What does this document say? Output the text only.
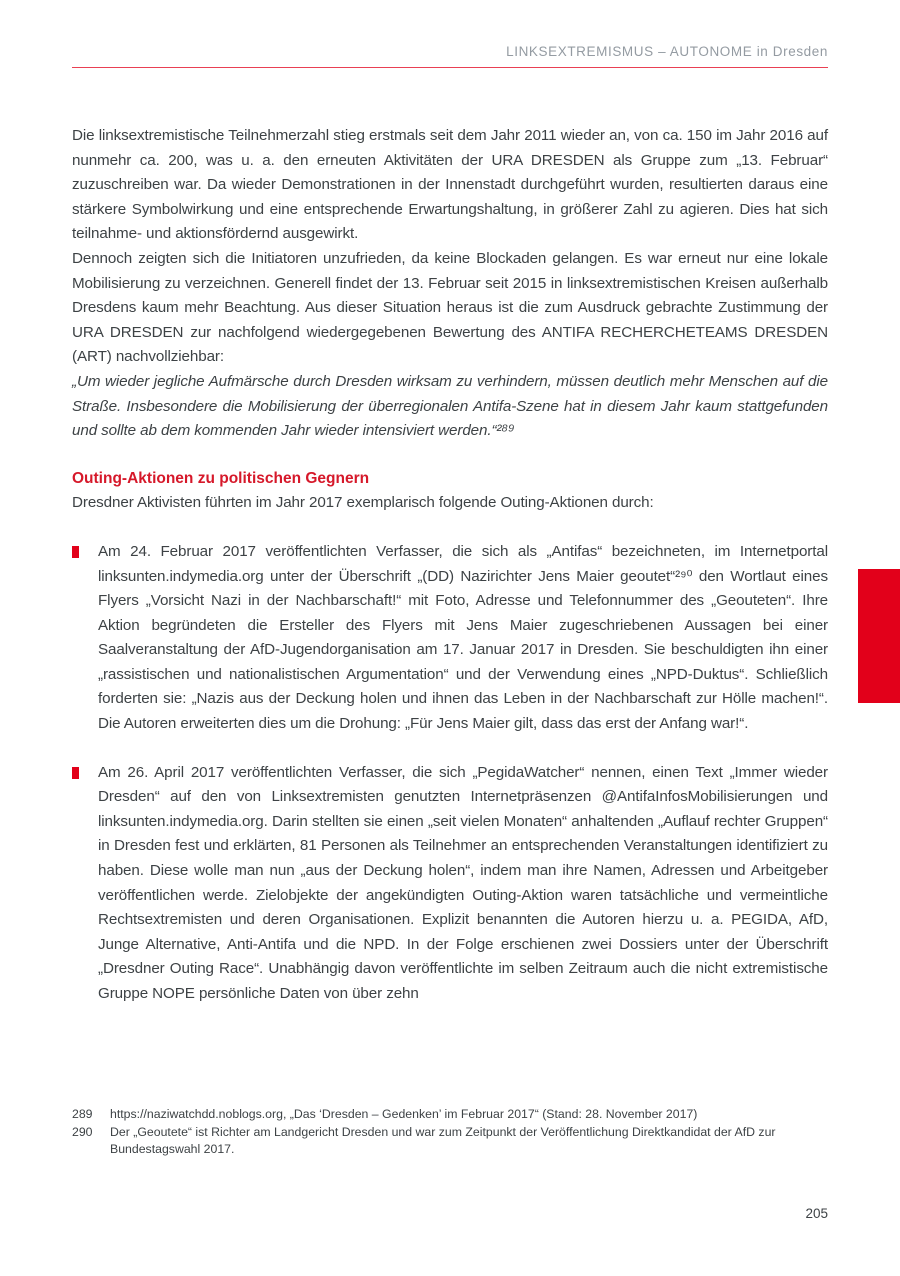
LINKSEXTREMISMUS – AUTONOME in Dresden

Die linksextremistische Teilnehmerzahl stieg erstmals seit dem Jahr 2011 wieder an, von ca. 150 im Jahr 2016 auf nunmehr ca. 200, was u. a. den erneuten Aktivitäten der URA DRESDEN als Gruppe zum „13. Februar“ zuzuschreiben war. Da wieder Demonstrationen in der Innenstadt durchgeführt wurden, resultierten daraus eine stärkere Symbolwirkung und eine entsprechende Erwartungshaltung, in größerer Zahl zu agieren. Dies hat sich teilnahme- und aktionsfördernd ausgewirkt.

Dennoch zeigten sich die Initiatoren unzufrieden, da keine Blockaden gelangen. Es war erneut nur eine lokale Mobilisierung zu verzeichnen. Generell findet der 13. Februar seit 2015 in linksextremistischen Kreisen außerhalb Dresdens kaum mehr Beachtung. Aus dieser Situation heraus ist die zum Ausdruck gebrachte Zustimmung der URA DRESDEN zur nachfolgend wiedergegebenen Bewertung des ANTIFA RECHERCHETEAMS DRESDEN (ART) nachvollziehbar:

„Um wieder jegliche Aufmärsche durch Dresden wirksam zu verhindern, müssen deutlich mehr Menschen auf die Straße. Insbesondere die Mobilisierung der überregionalen Antifa-Szene hat in diesem Jahr kaum stattgefunden und sollte ab dem kommenden Jahr wieder intensiviert werden.“²⁸⁹

Outing-Aktionen zu politischen Gegnern

Dresdner Aktivisten führten im Jahr 2017 exemplarisch folgende Outing-Aktionen durch:

Am 24. Februar 2017 veröffentlichten Verfasser, die sich als „Antifas“ bezeichneten, im Internetportal linksunten.indymedia.org unter der Überschrift „(DD) Nazirichter Jens Maier geoutet“²⁹⁰ den Wortlaut eines Flyers „Vorsicht Nazi in der Nachbarschaft!“ mit Foto, Adresse und Telefonnummer des „Geouteten“. Ihre Aktion begründeten die Ersteller des Flyers mit Jens Maier zugeschriebenen Aussagen bei einer Saalveranstaltung der AfD-Jugendorganisation am 17. Januar 2017 in Dresden. Sie beschuldigten ihn einer „rassistischen und nationalistischen Argumentation“ und der Verwendung eines „NPD-Duktus“. Schließlich forderten sie: „Nazis aus der Deckung holen und ihnen das Leben in der Nachbarschaft zur Hölle machen!“. Die Autoren erweiterten dies um die Drohung: „Für Jens Maier gilt, dass das erst der Anfang war!“.

Am 26. April 2017 veröffentlichten Verfasser, die sich „PegidaWatcher“ nennen, einen Text „Immer wieder Dresden“ auf den von Linksextremisten genutzten Internetpräsenzen @AntifaInfosMobilisierungen und linksunten.indymedia.org. Darin stellten sie einen „seit vielen Monaten“ anhaltenden „Auflauf rechter Gruppen“ in Dresden fest und erklärten, 81 Personen als Teilnehmer an entsprechenden Veranstaltungen identifiziert zu haben. Diese wolle man nun „aus der Deckung holen“, indem man ihre Namen, Adressen und Arbeitgeber veröffentlichen werde. Zielobjekte der angekündigten Outing-Aktion waren tatsächliche und vermeintliche Rechtsextremisten und deren Organisationen. Explizit benannten die Autoren hierzu u. a. PEGIDA, AfD, Junge Alternative, Anti-Antifa und die NPD. In der Folge erschienen zwei Dossiers unter der Überschrift „Dresdner Outing Race“. Unabhängig davon veröffentlichte im selben Zeitraum auch die nicht extremistische Gruppe NOPE persönliche Daten von über zehn

289	https://naziwatchdd.noblogs.org, „Das ‘Dresden – Gedenken’ im Februar 2017“ (Stand: 28. November 2017)
290	Der „Geoutete“ ist Richter am Landgericht Dresden und war zum Zeitpunkt der Veröffentlichung Direktkandidat der AfD zur Bundestagswahl 2017.
205
